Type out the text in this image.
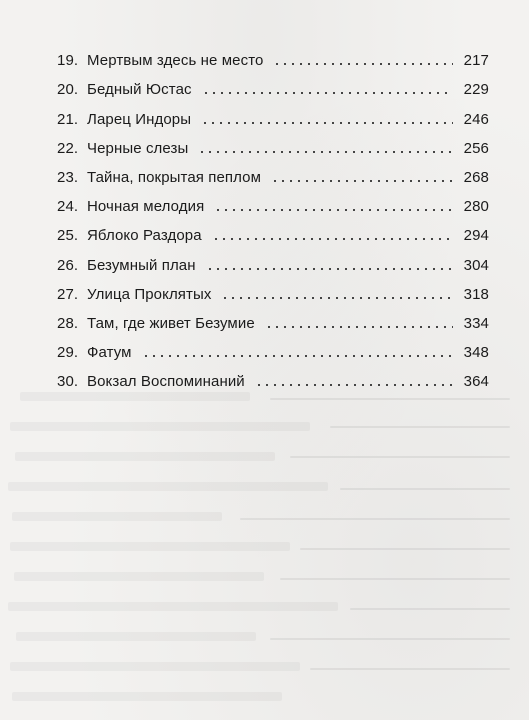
19. Мертвым здесь не место	217
20. Бедный Юстас	229
21. Ларец Индоры	246
22. Черные слезы	256
23. Тайна, покрытая пеплом	268
24. Ночная мелодия	280
25. Яблоко Раздора	294
26. Безумный план	304
27. Улица Проклятых	318
28. Там, где живет Безумие	334
29. Фатум	348
30. Вокзал Воспоминаний	364
